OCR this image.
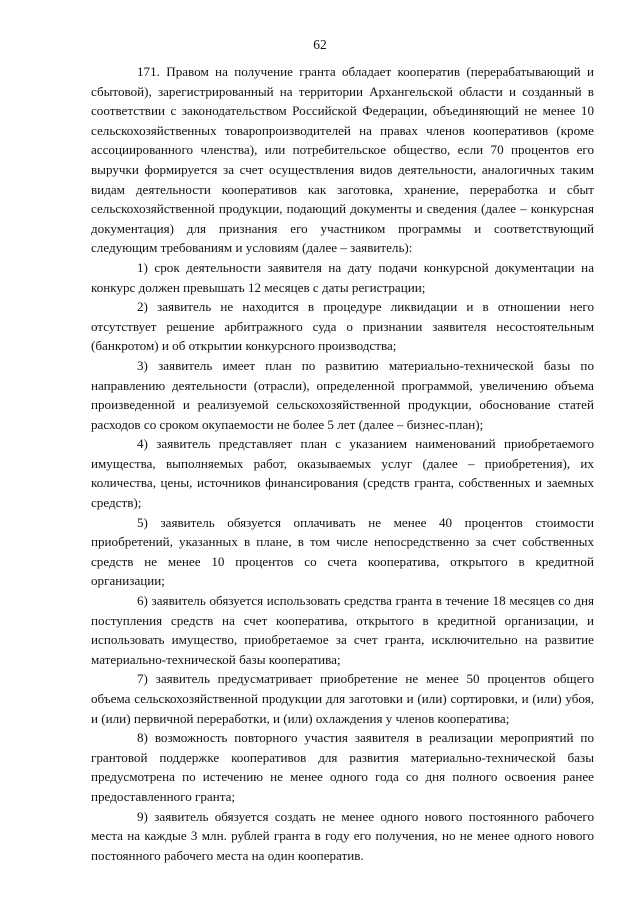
62

171. Правом на получение гранта обладает кооператив (перерабатывающий и сбытовой), зарегистрированный на территории Архангельской области и созданный в соответствии с законодательством Российской Федерации, объединяющий не менее 10 сельскохозяйственных товаропроизводителей на правах членов кооперативов (кроме ассоциированного членства), или потребительское общество, если 70 процентов его выручки формируется за счет осуществления видов деятельности, аналогичных таким видам деятельности кооперативов как заготовка, хранение, переработка и сбыт сельскохозяйственной продукции, подающий документы и сведения (далее – конкурсная документация) для признания его участником программы и соответствующий следующим требованиям и условиям (далее – заявитель):

1) срок деятельности заявителя на дату подачи конкурсной документации на конкурс должен превышать 12 месяцев с даты регистрации;

2) заявитель не находится в процедуре ликвидации и в отношении него отсутствует решение арбитражного суда о признании заявителя несостоятельным (банкротом) и об открытии конкурсного производства;

3) заявитель имеет план по развитию материально-технической базы по направлению деятельности (отрасли), определенной программой, увеличению объема произведенной и реализуемой сельскохозяйственной продукции, обоснование статей расходов со сроком окупаемости не более 5 лет (далее – бизнес-план);

4) заявитель представляет план с указанием наименований приобретаемого имущества, выполняемых работ, оказываемых услуг (далее – приобретения), их количества, цены, источников финансирования (средств гранта, собственных и заемных средств);

5) заявитель обязуется оплачивать не менее 40 процентов стоимости приобретений, указанных в плане, в том числе непосредственно за счет собственных средств не менее 10 процентов со счета кооператива, открытого в кредитной организации;

6) заявитель обязуется использовать средства гранта в течение 18 месяцев со дня поступления средств на счет кооператива, открытого в кредитной организации, и использовать имущество, приобретаемое за счет гранта, исключительно на развитие материально-технической базы кооператива;

7) заявитель предусматривает приобретение не менее 50 процентов общего объема сельскохозяйственной продукции для заготовки и (или) сортировки, и (или) убоя, и (или) первичной переработки, и (или) охлаждения у членов кооператива;

8) возможность повторного участия заявителя в реализации мероприятий по грантовой поддержке кооперативов для развития материально-технической базы предусмотрена по истечению не менее одного года со дня полного освоения ранее предоставленного гранта;

9) заявитель обязуется создать не менее одного нового постоянного рабочего места на каждые 3 млн. рублей гранта в году его получения, но не менее одного нового постоянного рабочего места на один кооператив.
